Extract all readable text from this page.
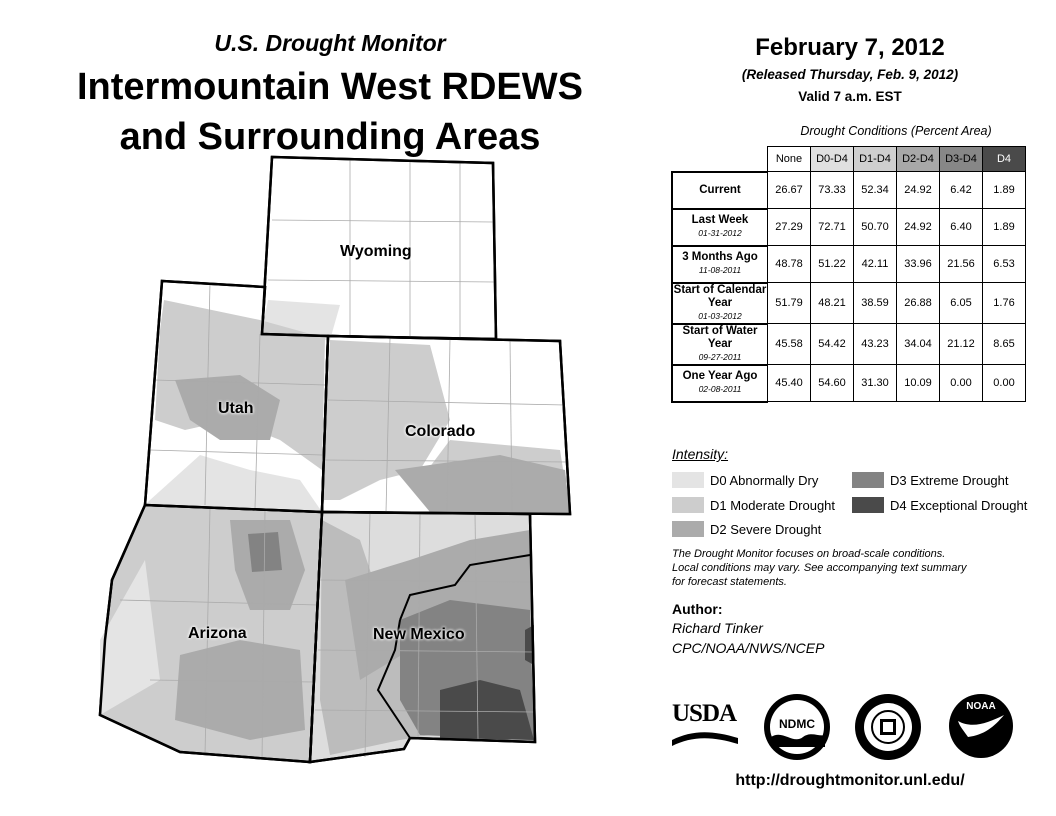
U.S. Drought Monitor
Intermountain West RDEWS
and Surrounding Areas
Wyoming
Utah
Colorado
Arizona	New Mexico
February 7, 2012
(Released Thursday, Feb. 9, 2012)
Valid 7 a.m. EST
Drought Conditions (Percent Area)
	None	D0-D4	D1-D4	D2-D4	D3-D4	D4
Current	26.67	73.33	52.34	24.92	6.42	1.89
Last Week
01-31-2012	27.29	72.71	50.70	24.92	6.40	1.89
3 Months Ago
11-08-2011	48.78	51.22	42.11	33.96	21.56	6.53
Start of Calendar Year
01-03-2012	51.79	48.21	38.59	26.88	6.05	1.76
Start of Water Year
09-27-2011	45.58	54.42	43.23	34.04	21.12	8.65
One Year Ago
02-08-2011	45.40	54.60	31.30	10.09	0.00	0.00
Intensity:
D0 Abnormally Dry
D1 Moderate Drought
D2 Severe Drought
D3 Extreme Drought
D4 Exceptional Drought
The Drought Monitor focuses on broad-scale conditions.
Local conditions may vary. See accompanying text summary
for forecast statements.
Author:
Richard Tinker
CPC/NOAA/NWS/NCEP
USDA	NDMC
NOAA
http://droughtmonitor.unl.edu/
